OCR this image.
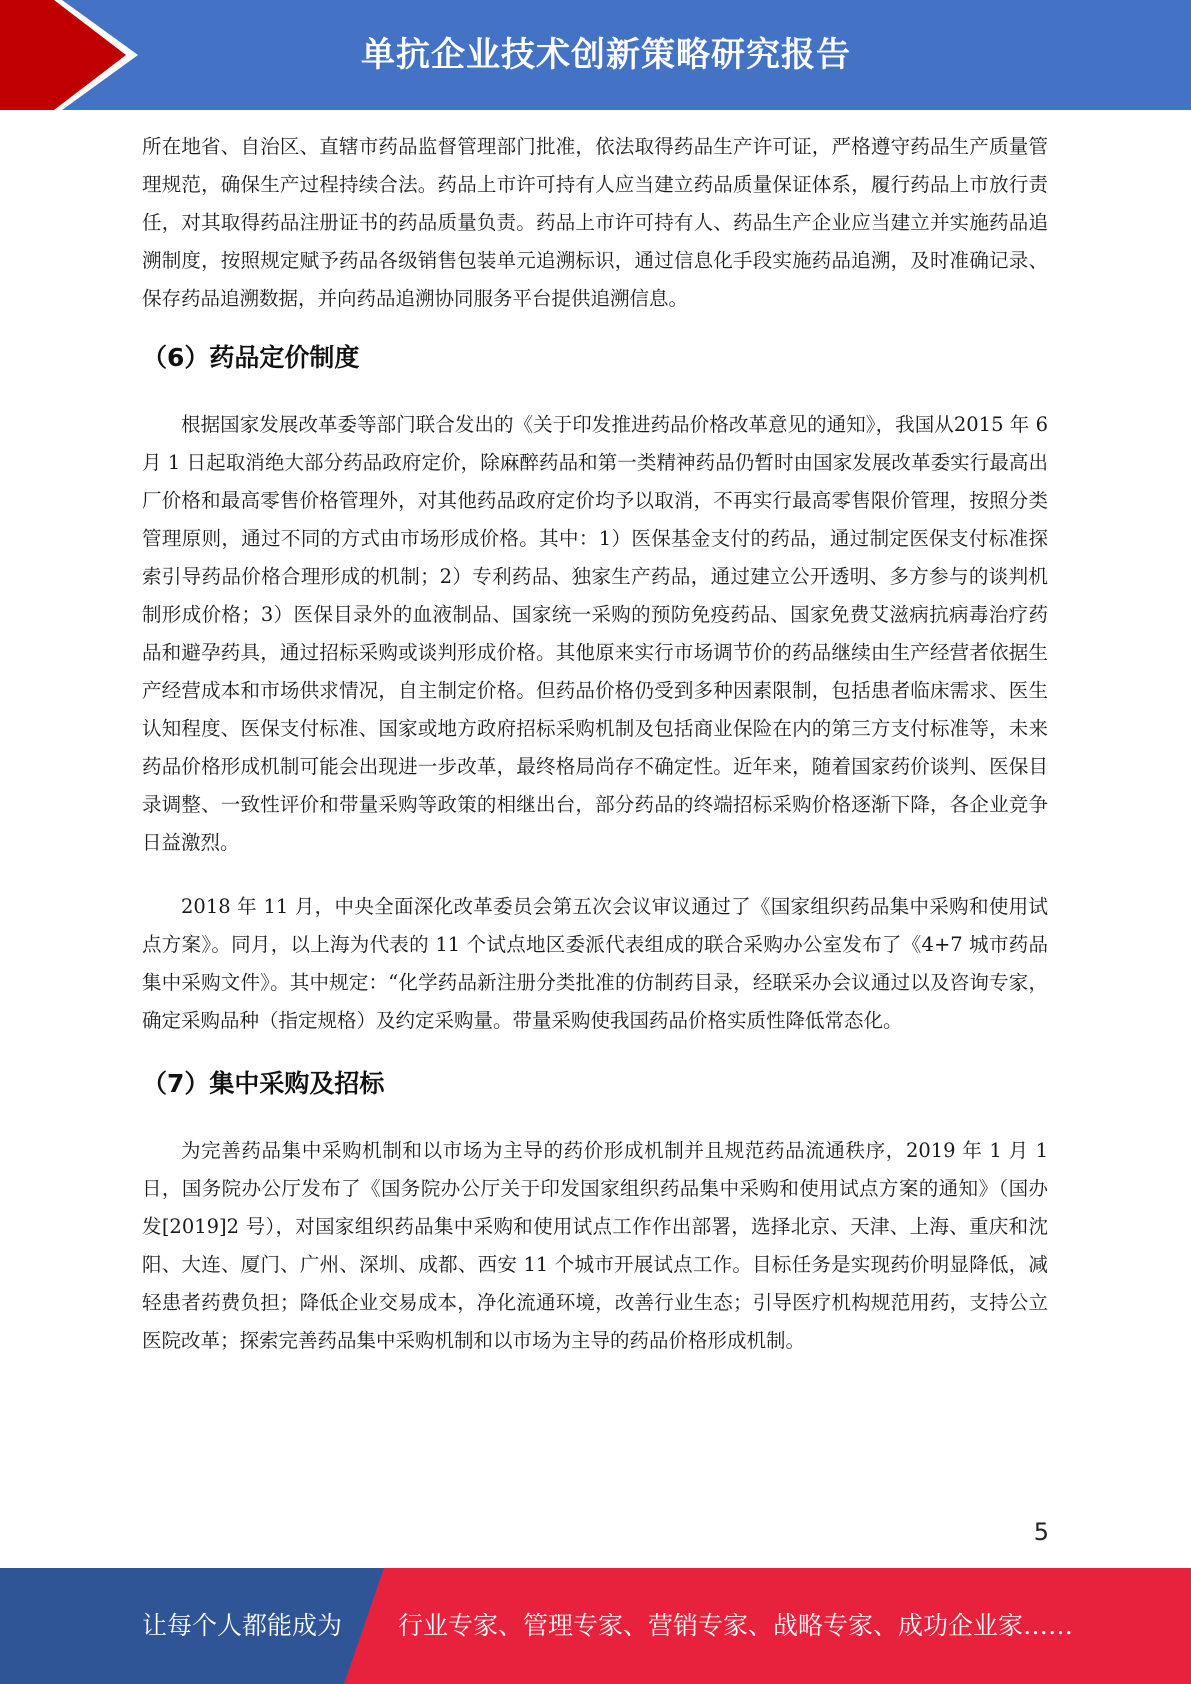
单抗企业技术创新策略研究报告

所在地省、自治区、直辖市药品监督管理部门批准，依法取得药品生产许可证，严格遵守药品生产质量管理规范，确保生产过程持续合法。药品上市许可持有人应当建立药品质量保证体系，履行药品上市放行责任，对其取得药品注册证书的药品质量负责。药品上市许可持有人、药品生产企业应当建立并实施药品追溯制度，按照规定赋予药品各级销售包装单元追溯标识，通过信息化手段实施药品追溯，及时准确记录、保存药品追溯数据，并向药品追溯协同服务平台提供追溯信息。

（6）药品定价制度

根据国家发展改革委等部门联合发出的《关于印发推进药品价格改革意见的通知》，我国从2015 年 6 月 1 日起取消绝大部分药品政府定价，除麻醉药品和第一类精神药品仍暂时由国家发展改革委实行最高出厂价格和最高零售价格管理外，对其他药品政府定价均予以取消，不再实行最高零售限价管理，按照分类管理原则，通过不同的方式由市场形成价格。其中：1）医保基金支付的药品，通过制定医保支付标准探索引导药品价格合理形成的机制；2）专利药品、独家生产药品，通过建立公开透明、多方参与的谈判机制形成价格；3）医保目录外的血液制品、国家统一采购的预防免疫药品、国家免费艾滋病抗病毒治疗药品和避孕药具，通过招标采购或谈判形成价格。其他原来实行市场调节价的药品继续由生产经营者依据生产经营成本和市场供求情况，自主制定价格。但药品价格仍受到多种因素限制，包括患者临床需求、医生认知程度、医保支付标准、国家或地方政府招标采购机制及包括商业保险在内的第三方支付标准等，未来药品价格形成机制可能会出现进一步改革，最终格局尚存不确定性。近年来，随着国家药价谈判、医保目录调整、一致性评价和带量采购等政策的相继出台，部分药品的终端招标采购价格逐渐下降，各企业竞争日益激烈。

2018 年 11 月，中央全面深化改革委员会第五次会议审议通过了《国家组织药品集中采购和使用试点方案》。同月，以上海为代表的 11 个试点地区委派代表组成的联合采购办公室发布了《4+7 城市药品集中采购文件》。其中规定：“化学药品新注册分类批准的仿制药目录，经联采办会议通过以及咨询专家，确定采购品种（指定规格）及约定采购量。带量采购使我国药品价格实质性降低常态化。

（7）集中采购及招标

为完善药品集中采购机制和以市场为主导的药价形成机制并且规范药品流通秩序，2019 年 1 月 1 日，国务院办公厅发布了《国务院办公厅关于印发国家组织药品集中采购和使用试点方案的通知》（国办发[2019]2 号），对国家组织药品集中采购和使用试点工作作出部署，选择北京、天津、上海、重庆和沈阳、大连、厦门、广州、深圳、成都、西安 11 个城市开展试点工作。目标任务是实现药价明显降低，减轻患者药费负担；降低企业交易成本，净化流通环境，改善行业生态；引导医疗机构规范用药，支持公立医院改革；探索完善药品集中采购机制和以市场为主导的药品价格形成机制。

5
让每个人都能成为 行业专家、管理专家、营销专家、战略专家、成功企业家……
